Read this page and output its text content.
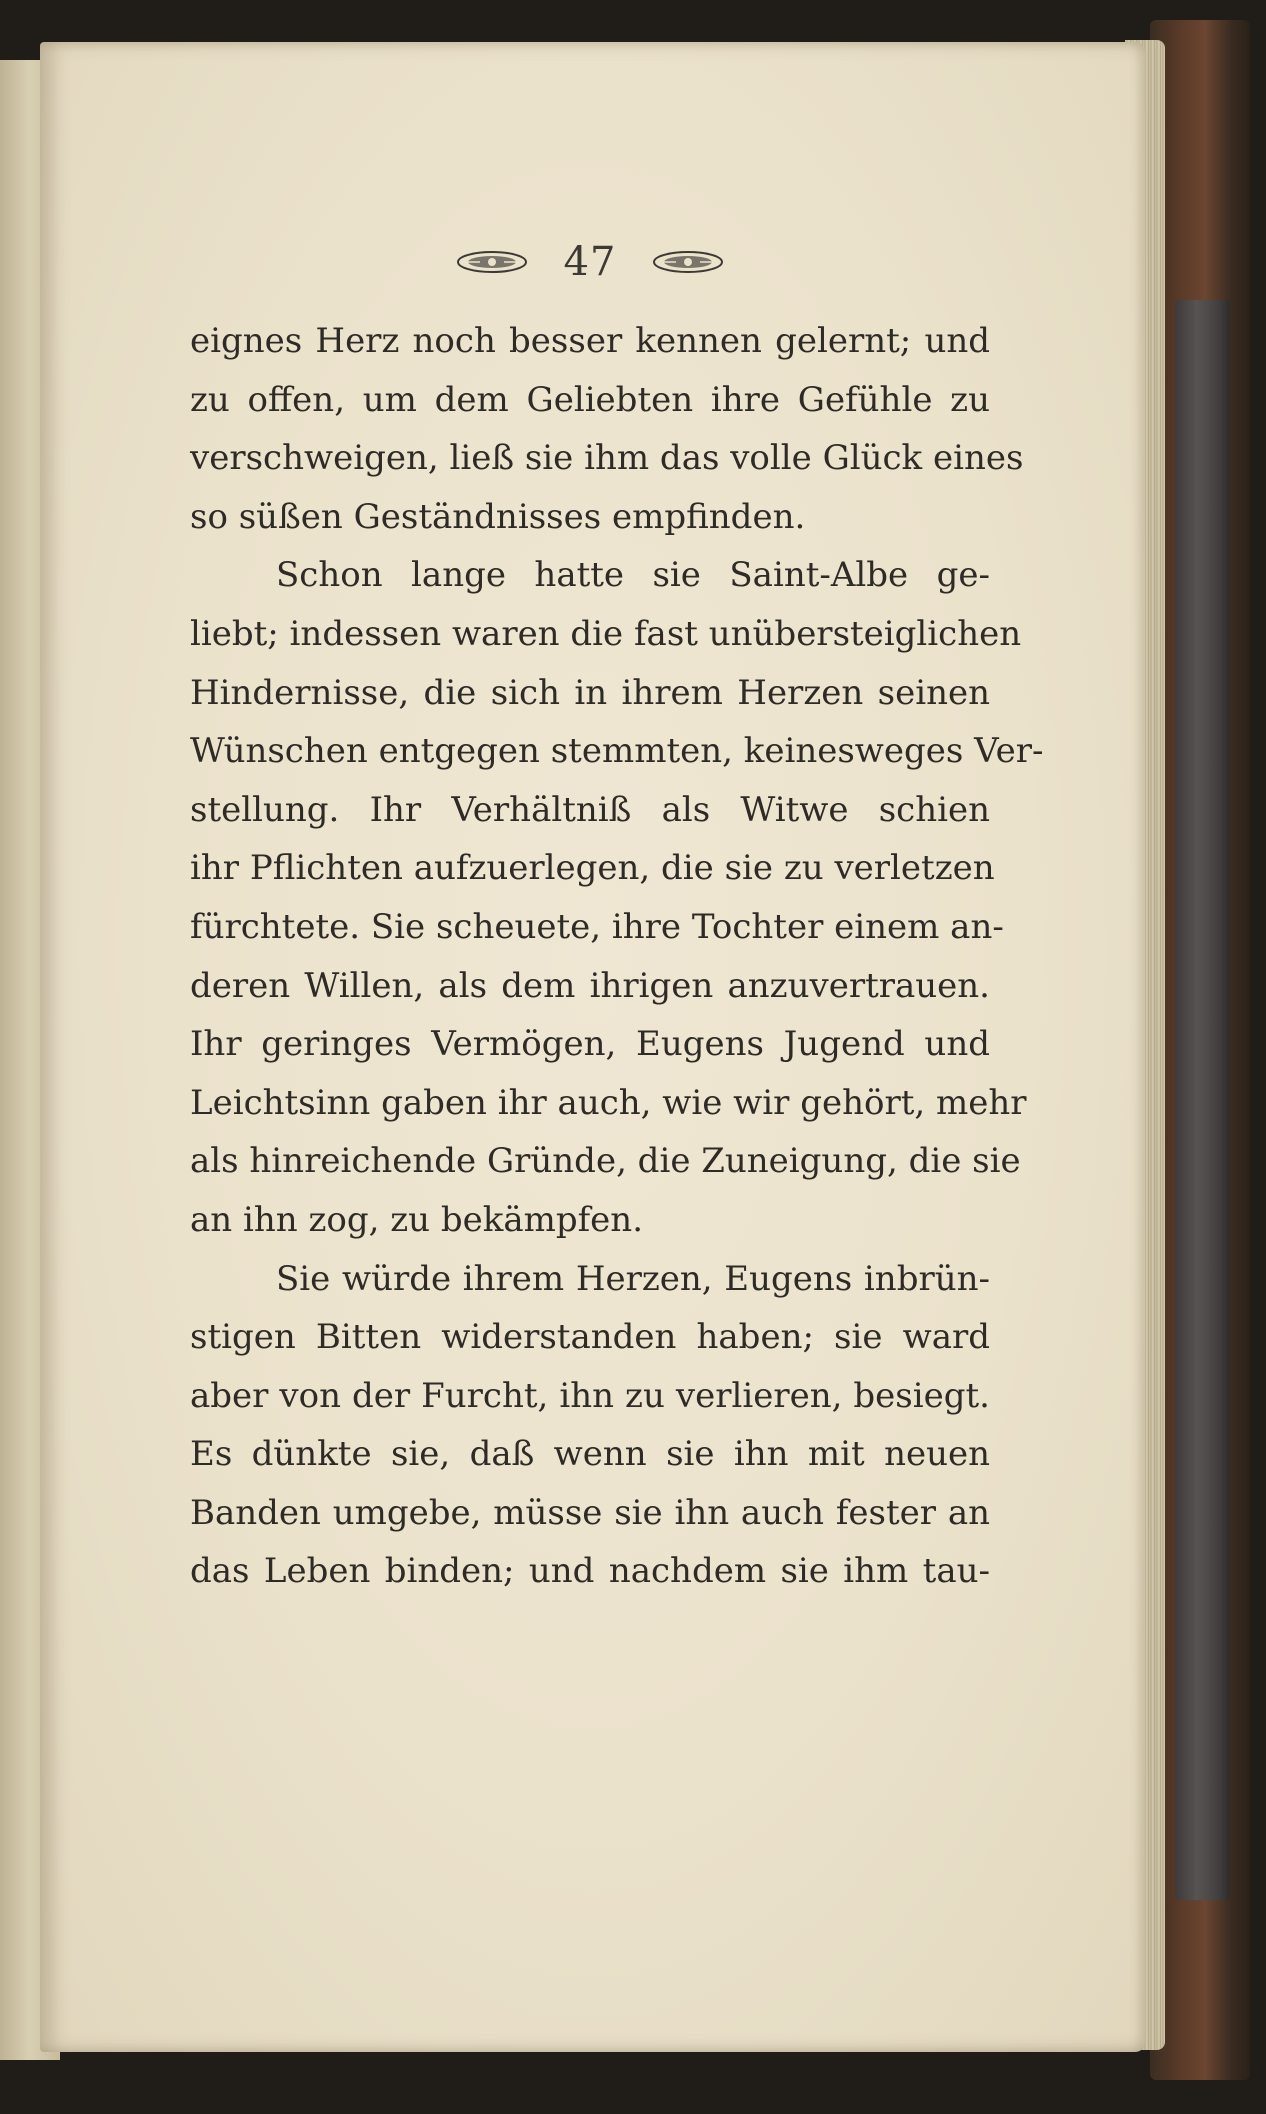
47
eignes Herz noch besser kennen gelernt; und
zu offen, um dem Geliebten ihre Gefühle zu
verschweigen, ließ sie ihm das volle Glück eines
so süßen Geständnisses empfinden.
Schon lange hatte sie Saint-Albe ge-
liebt; indessen waren die fast unübersteiglichen
Hindernisse, die sich in ihrem Herzen seinen
Wünschen entgegen stemmten, keinesweges Ver-
stellung. Ihr Verhältniß als Witwe schien
ihr Pflichten aufzuerlegen, die sie zu verletzen
fürchtete. Sie scheuete, ihre Tochter einem an-
deren Willen, als dem ihrigen anzuvertrauen.
Ihr geringes Vermögen, Eugens Jugend und
Leichtsinn gaben ihr auch, wie wir gehört, mehr
als hinreichende Gründe, die Zuneigung, die sie
an ihn zog, zu bekämpfen.
Sie würde ihrem Herzen, Eugens inbrün-
stigen Bitten widerstanden haben; sie ward
aber von der Furcht, ihn zu verlieren, besiegt.
Es dünkte sie, daß wenn sie ihn mit neuen
Banden umgebe, müsse sie ihn auch fester an
das Leben binden; und nachdem sie ihm tau-
